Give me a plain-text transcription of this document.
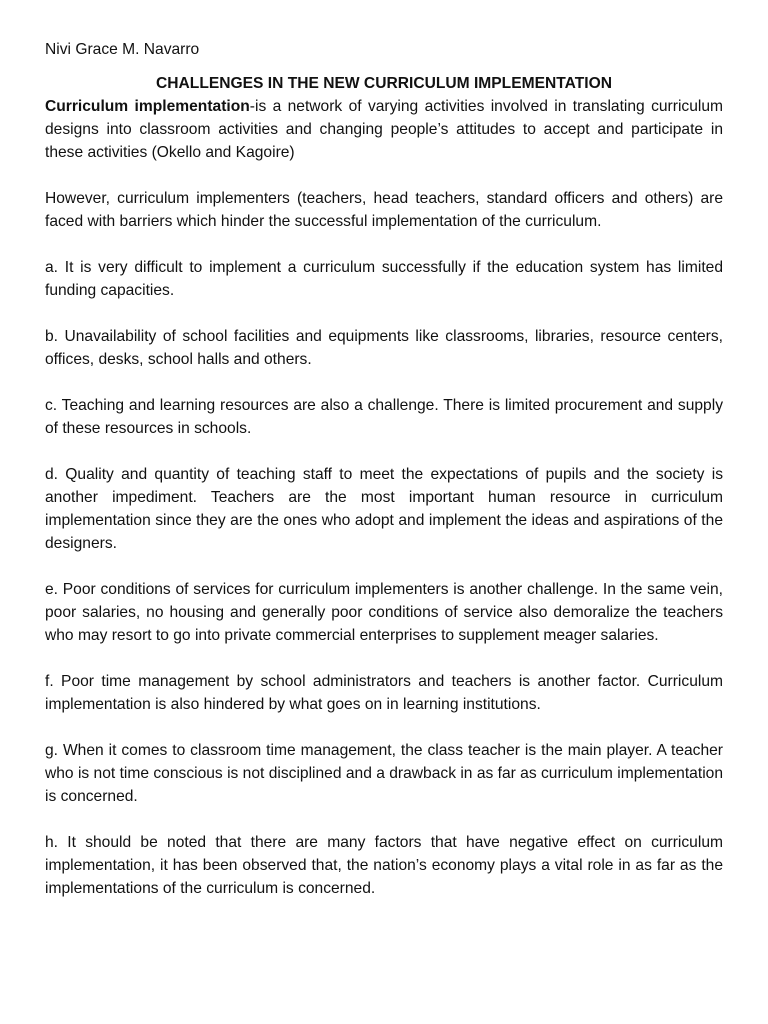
Nivi Grace M. Navarro

CHALLENGES IN THE NEW CURRICULUM IMPLEMENTATION

Curriculum implementation-is a network of varying activities involved in translating curriculum designs into classroom activities and changing people’s attitudes to accept and participate in these activities (Okello and Kagoire)

However, curriculum implementers (teachers, head teachers, standard officers and others) are faced with barriers which hinder the successful implementation of the curriculum.

a. It is very difficult to implement a curriculum successfully if the education system has limited funding capacities.

b. Unavailability of school facilities and equipments like classrooms, libraries, resource centers, offices, desks, school halls and others.

c. Teaching and learning resources are also a challenge. There is limited procurement and supply of these resources in schools.

d. Quality and quantity of teaching staff to meet the expectations of pupils and the society is another impediment. Teachers are the most important human resource in curriculum implementation since they are the ones who adopt and implement the ideas and aspirations of the designers.

e. Poor conditions of services for curriculum implementers is another challenge. In the same vein, poor salaries, no housing and generally poor conditions of service also demoralize the teachers who may resort to go into private commercial enterprises to supplement meager salaries.

f. Poor time management by school administrators and teachers is another factor. Curriculum implementation is also hindered by what goes on in learning institutions.

g. When it comes to classroom time management, the class teacher is the main player. A teacher who is not time conscious is not disciplined and a drawback in as far as curriculum implementation is concerned.

h. It should be noted that there are many factors that have negative effect on curriculum implementation, it has been observed that, the nation’s economy plays a vital role in as far as the implementations of the curriculum is concerned.
